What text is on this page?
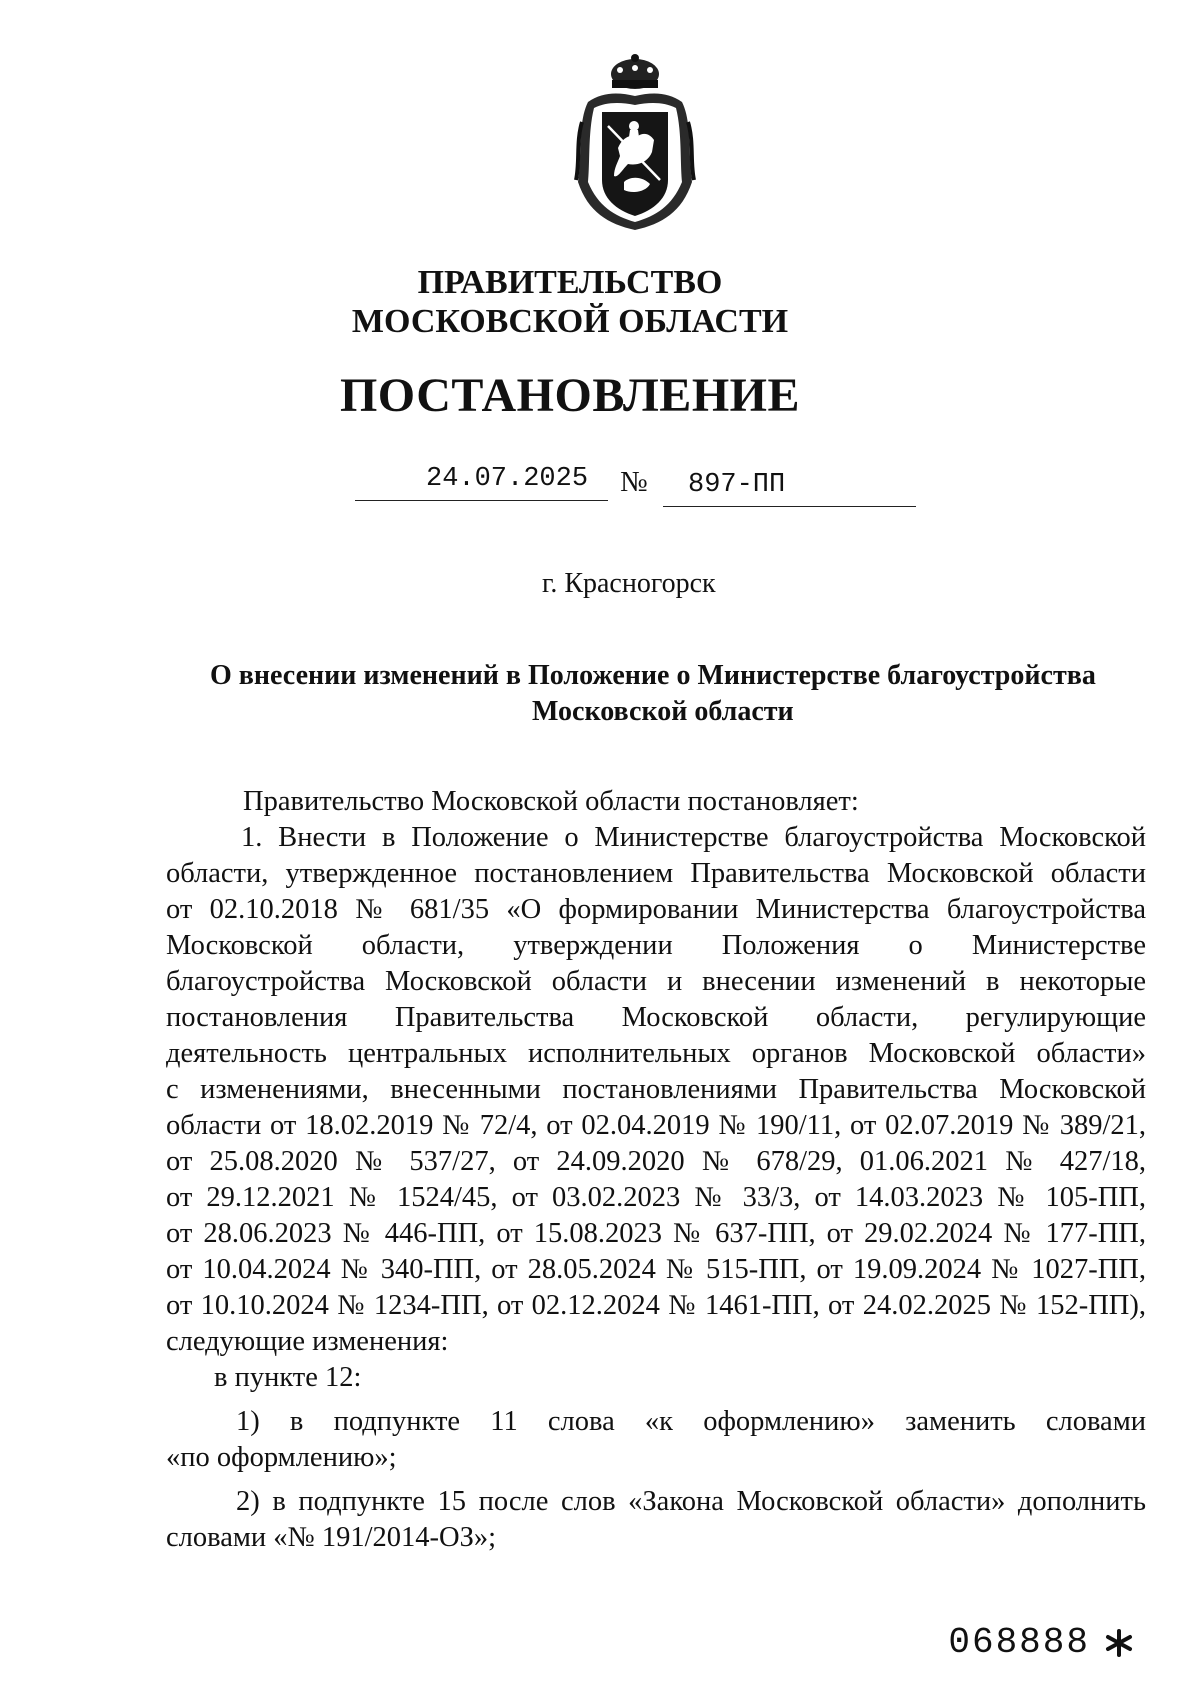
ПРАВИТЕЛЬСТВО
МОСКОВСКОЙ ОБЛАСТИ
ПОСТАНОВЛЕНИЕ
24.07.2025 № 897-ПП
г. Красногорск
О внесении изменений в Положение о Министерстве благоустройства
Московской области
Правительство Московской области постановляет:
1. Внести в Положение о Министерстве благоустройства Московской
области, утвержденное постановлением Правительства Московской области
от 02.10.2018 № 681/35 «О формировании Министерства благоустройства
Московской области, утверждении Положения о Министерстве
благоустройства Московской области и внесении изменений в некоторые
постановления Правительства Московской области, регулирующие
деятельность центральных исполнительных органов Московской области»
с изменениями, внесенными постановлениями Правительства Московской
области от 18.02.2019 № 72/4, от 02.04.2019 № 190/11, от 02.07.2019 № 389/21,
от 25.08.2020 № 537/27, от 24.09.2020 № 678/29, 01.06.2021 № 427/18,
от 29.12.2021 № 1524/45, от 03.02.2023 № 33/3, от 14.03.2023 № 105-ПП,
от 28.06.2023 № 446-ПП, от 15.08.2023 № 637-ПП, от 29.02.2024 № 177-ПП,
от 10.04.2024 № 340-ПП, от 28.05.2024 № 515-ПП, от 19.09.2024 № 1027-ПП,
от 10.10.2024 № 1234-ПП, от 02.12.2024 № 1461-ПП, от 24.02.2025 № 152-ПП),
следующие изменения:
в пункте 12:
1) в подпункте 11 слова «к оформлению» заменить словами
«по оформлению»;
2) в подпункте 15 после слов «Закона Московской области» дополнить
словами «№ 191/2014-ОЗ»;
068888
